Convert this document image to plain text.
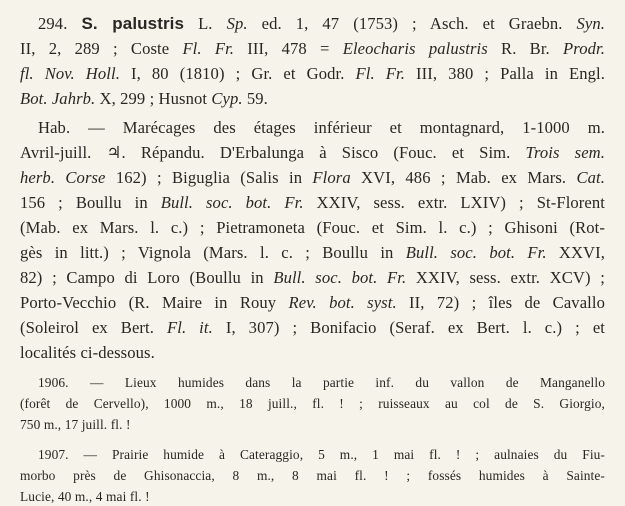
294. S. palustris L. Sp. ed. 1, 47 (1753) ; Asch. et Graebn. Syn.
II, 2, 289 ; Coste Fl. Fr. III, 478 = Eleocharis palustris R. Br. Prodr.
fl. Nov. Holl. I, 80 (1810) ; Gr. et Godr. Fl. Fr. III, 380 ; Palla in Engl.
Bot. Jahrb. X, 299 ; Husnot Cyp. 59.
Hab. — Marécages des étages inférieur et montagnard, 1-1000 m.
Avril-juill. ♃. Répandu. D'Erbalunga à Sisco (Fouc. et Sim. Trois sem.
herb. Corse 162) ; Biguglia (Salis in Flora XVI, 486 ; Mab. ex Mars. Cat.
156 ; Boullu in Bull. soc. bot. Fr. XXIV, sess. extr. LXIV) ; St-Florent
(Mab. ex Mars. l. c.) ; Pietramoneta (Fouc. et Sim. l. c.) ; Ghisoni (Rot-
gès in litt.) ; Vignola (Mars. l. c. ; Boullu in Bull. soc. bot. Fr. XXVI,
82) ; Campo di Loro (Boullu in Bull. soc. bot. Fr. XXIV, sess. extr. XCV) ;
Porto-Vecchio (R. Maire in Rouy Rev. bot. syst. II, 72) ; îles de Cavallo
(Soleirol ex Bert. Fl. it. I, 307) ; Bonifacio (Seraf. ex Bert. l. c.) ; et
localités ci-dessous.
1906. — Lieux humides dans la partie inf. du vallon de Manganello
(forêt de Cervello), 1000 m., 18 juill., fl. ! ; ruisseaux au col de S. Giorgio,
750 m., 17 juill. fl. !
1907. — Prairie humide à Cateraggio, 5 m., 1 mai fl. ! ; aulnaies du Fiu-
morbo près de Ghisonaccia, 8 m., 8 mai fl. ! ; fossés humides à Sainte-
Lucie, 40 m., 4 mai fl. !
